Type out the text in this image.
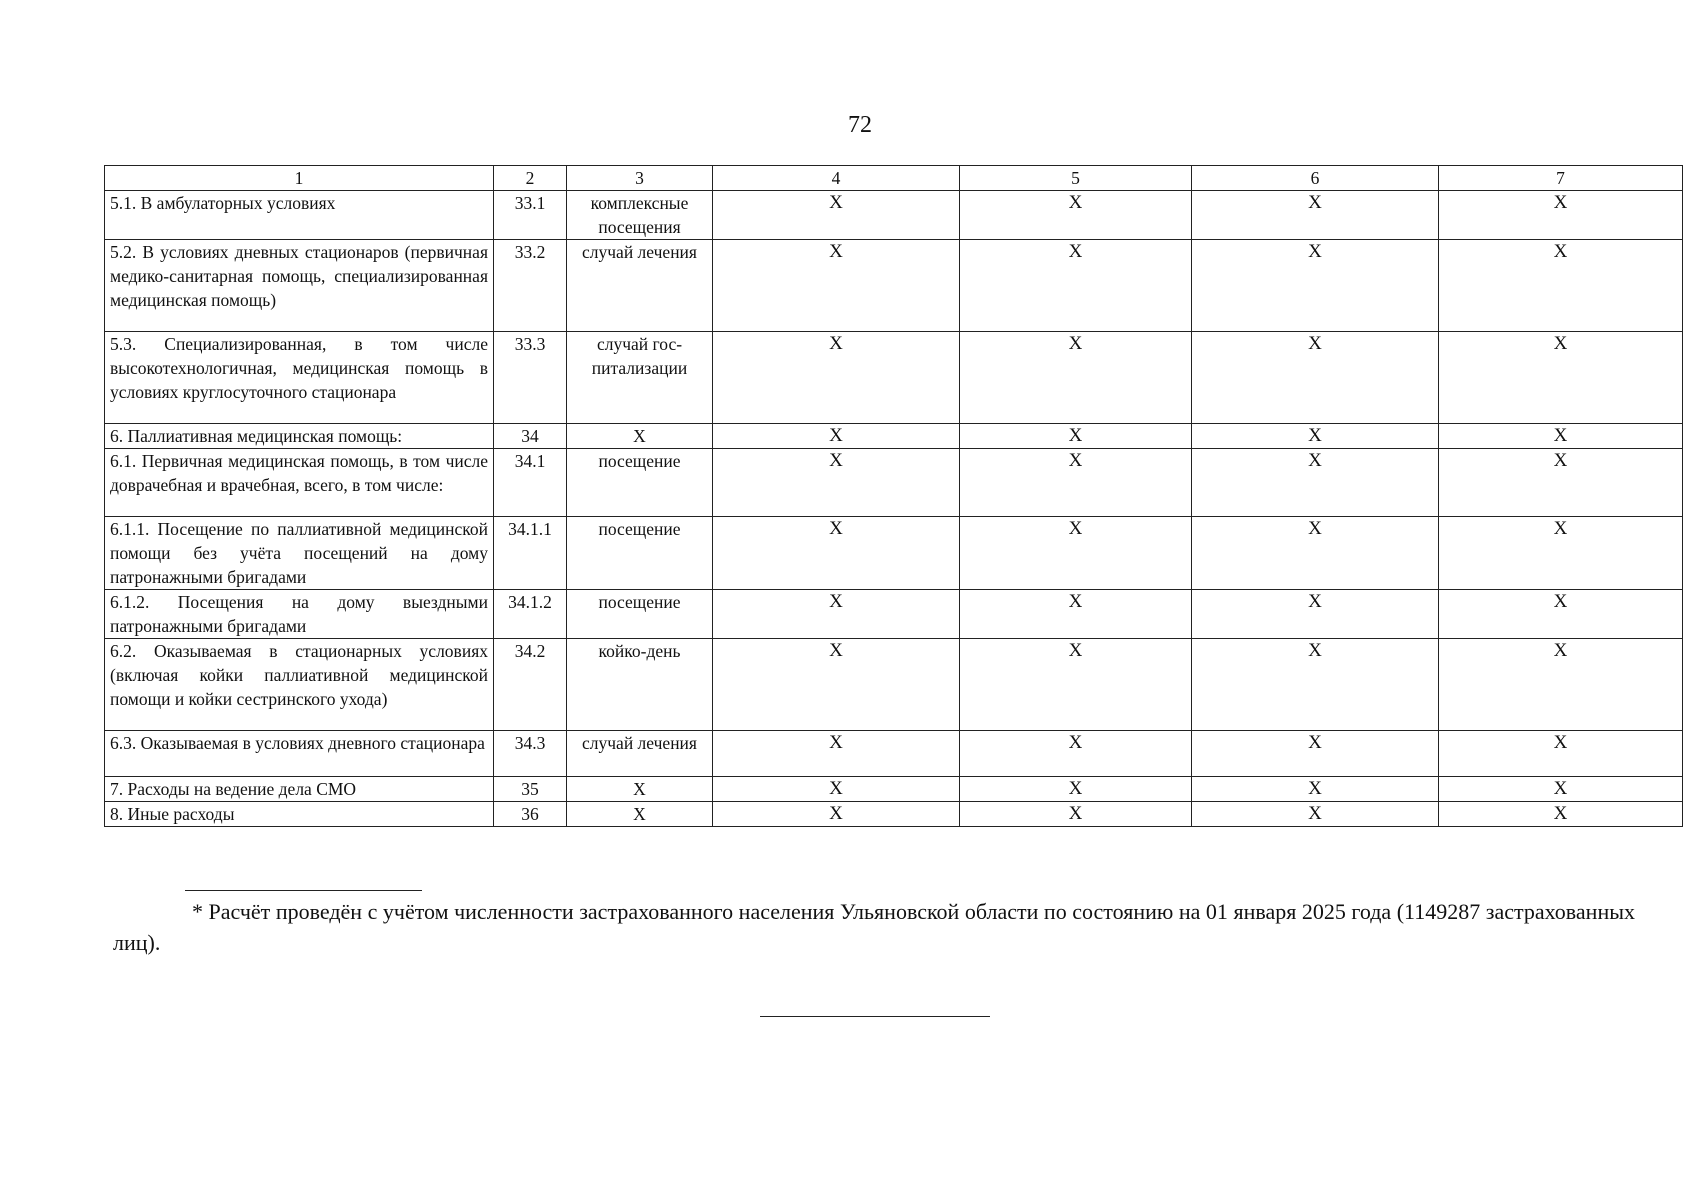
72
1	2	3	4	5	6	7
5.1. В амбулаторных условиях	33.1	комплексные посещения	Х	Х	Х	Х
5.2. В условиях дневных стационаров (первичная медико-санитарная помощь, специализированная медицинская помощь)	33.2	случай лечения	Х	Х	Х	Х
5.3. Специализированная, в том числе высокотехнологичная, медицинская помощь в условиях круглосуточного стационара	33.3	случай госпитализации	Х	Х	Х	Х
6. Паллиативная медицинская помощь:	34	Х	Х	Х	Х	Х
6.1. Первичная медицинская помощь, в том числе доврачебная и врачебная, всего, в том числе:	34.1	посещение	Х	Х	Х	Х
6.1.1. Посещение по паллиативной медицинской помощи без учёта посещений на дому патронажными бригадами	34.1.1	посещение	Х	Х	Х	Х
6.1.2. Посещения на дому выездными патронажными бригадами	34.1.2	посещение	Х	Х	Х	Х
6.2. Оказываемая в стационарных условиях (включая койки паллиативной медицинской помощи и койки сестринского ухода)	34.2	койко-день	Х	Х	Х	Х
6.3. Оказываемая в условиях дневного стационара	34.3	случай лечения	Х	Х	Х	Х
7. Расходы на ведение дела СМО	35	Х	Х	Х	Х	Х
8. Иные расходы	36	Х	Х	Х	Х	Х
* Расчёт проведён с учётом численности застрахованного населения Ульяновской области по состоянию на 01 января 2025 года (1149287 застрахованных лиц).
